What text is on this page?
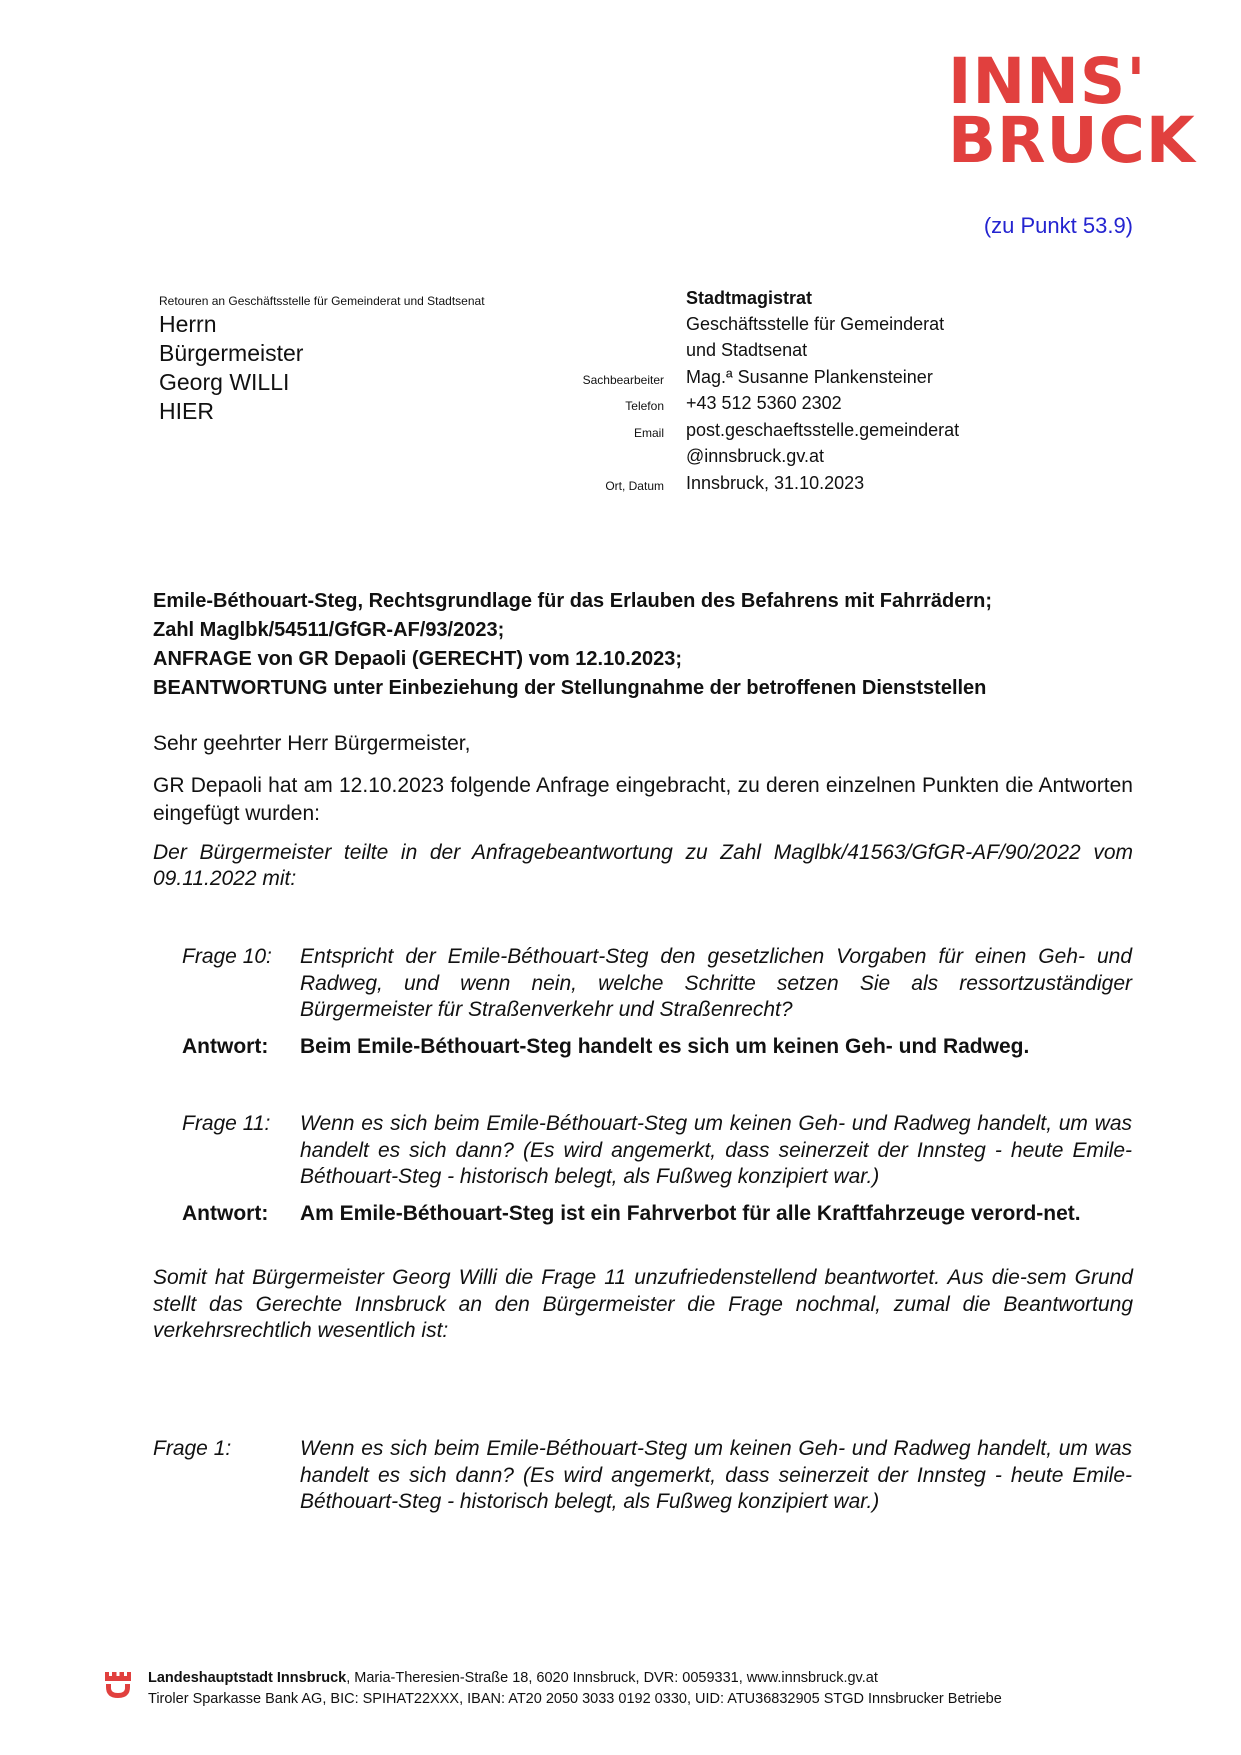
INNS'
BRUCK
(zu Punkt 53.9)
Retouren an Geschäftsstelle für Gemeinderat und Stadtsenat
Herrn
Bürgermeister
Georg WILLI
HIER
Stadtmagistrat
Geschäftsstelle für Gemeinderat
und Stadtsenat
Sachbearbeiter Mag.ª Susanne Plankensteiner
Telefon +43 512 5360 2302
Email post.geschaeftsstelle.gemeinderat
@innsbruck.gv.at
Ort, Datum Innsbruck, 31.10.2023
Emile-Béthouart-Steg, Rechtsgrundlage für das Erlauben des Befahrens mit Fahrrädern;
Zahl Maglbk/54511/GfGR-AF/93/2023;
ANFRAGE von GR Depaoli (GERECHT) vom 12.10.2023;
BEANTWORTUNG unter Einbeziehung der Stellungnahme der betroffenen Dienststellen
Sehr geehrter Herr Bürgermeister,
GR Depaoli hat am 12.10.2023 folgende Anfrage eingebracht, zu deren einzelnen Punkten die Antworten eingefügt wurden:
Der Bürgermeister teilte in der Anfragebeantwortung zu Zahl Maglbk/41563/GfGR-AF/90/2022 vom 09.11.2022 mit:
Frage 10: Entspricht der Emile-Béthouart-Steg den gesetzlichen Vorgaben für einen Geh- und Radweg, und wenn nein, welche Schritte setzen Sie als ressortzuständiger Bürgermeister für Straßenverkehr und Straßenrecht?
Antwort: Beim Emile-Béthouart-Steg handelt es sich um keinen Geh- und Radweg.
Frage 11: Wenn es sich beim Emile-Béthouart-Steg um keinen Geh- und Radweg handelt, um was handelt es sich dann? (Es wird angemerkt, dass seinerzeit der Innsteg - heute Emile-Béthouart-Steg - historisch belegt, als Fußweg konzipiert war.)
Antwort: Am Emile-Béthouart-Steg ist ein Fahrverbot für alle Kraftfahrzeuge verord-net.
Somit hat Bürgermeister Georg Willi die Frage 11 unzufriedenstellend beantwortet. Aus die-sem Grund stellt das Gerechte Innsbruck an den Bürgermeister die Frage nochmal, zumal die Beantwortung verkehrsrechtlich wesentlich ist:
Frage 1:	Wenn es sich beim Emile-Béthouart-Steg um keinen Geh- und Radweg handelt, um was handelt es sich dann? (Es wird angemerkt, dass seinerzeit der Innsteg - heute Emile-Béthouart-Steg - historisch belegt, als Fußweg konzipiert war.)
Landeshauptstadt Innsbruck, Maria-Theresien-Straße 18, 6020 Innsbruck, DVR: 0059331, www.innsbruck.gv.at
Tiroler Sparkasse Bank AG, BIC: SPIHAT22XXX, IBAN: AT20 2050 3033 0192 0330, UID: ATU36832905 STGD Innsbrucker Betriebe
